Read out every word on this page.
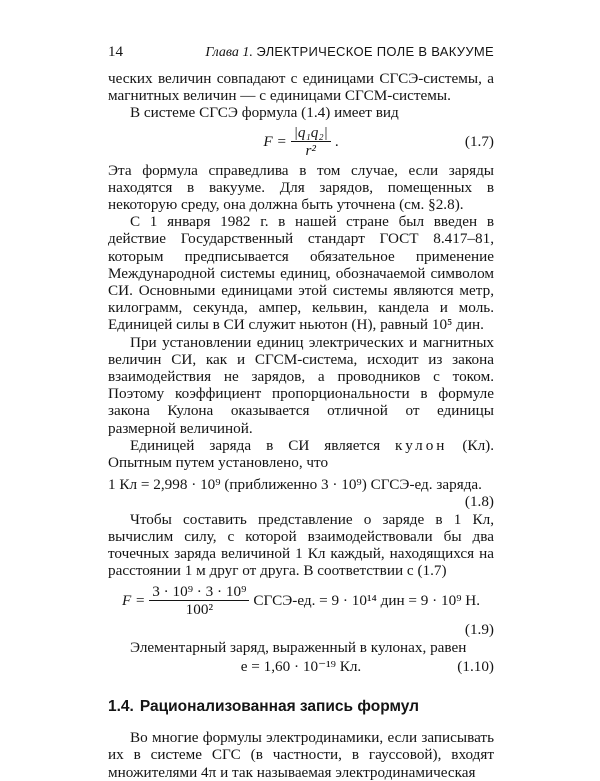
14	Глава 1. ЭЛЕКТРИЧЕСКОЕ ПОЛЕ В ВАКУУМЕ

ческих величин совпадают с единицами СГСЭ-системы, а магнитных величин — с единицами СГСМ-системы.

В системе СГСЭ формула (1.4) имеет вид

$F = \frac{\text{|q₁q₂|}}{\text{r²}}$ .	(1.7)

Эта формула справедлива в том случае, если заряды находятся в вакууме. Для зарядов, помещенных в некоторую среду, она должна быть уточнена (см. §2.8).

С 1 января 1982 г. в нашей стране был введен в действие Государственный стандарт ГОСТ 8.417–81, которым предписывается обязательное применение Международной системы единиц, обозначаемой символом СИ. Основными единицами этой системы являются метр, килограмм, секунда, ампер, кельвин, кандела и моль. Единицей силы в СИ служит ньютон (Н), равный 10⁵ дин.

При установлении единиц электрических и магнитных величин СИ, как и СГСМ-система, исходит из закона взаимодействия не зарядов, а проводников с током. Поэтому коэффициент пропорциональности в формуле закона Кулона оказывается отличной от единицы размерной величиной.

Единицей заряда в СИ является кулон (Кл). Опытным путем установлено, что

1 Кл = 2,998 · 10⁹ (приближенно 3 · 10⁹) СГСЭ-ед. заряда.
(1.8)

Чтобы составить представление о заряде в 1 Кл, вычислим силу, с которой взаимодействовали бы два точечных заряда величиной 1 Кл каждый, находящихся на расстоянии 1 м друг от друга. В соответствии с (1.7)

$F = \frac{\text{3 · 10⁹ · 3 · 10⁹}}{\text{100²}}$ СГСЭ-ед. = 9 · 10¹⁴ дин = 9 · 10⁹ Н.
(1.9)

Элементарный заряд, выраженный в кулонах, равен

e = 1,60 · 10⁻¹⁹ Кл.	(1.10)
1.4. Рационализованная запись формул

Во многие формулы электродинамики, если записывать их в системе СГС (в частности, в гауссовой), входят множителями 4π и так называемая электродинамическая
